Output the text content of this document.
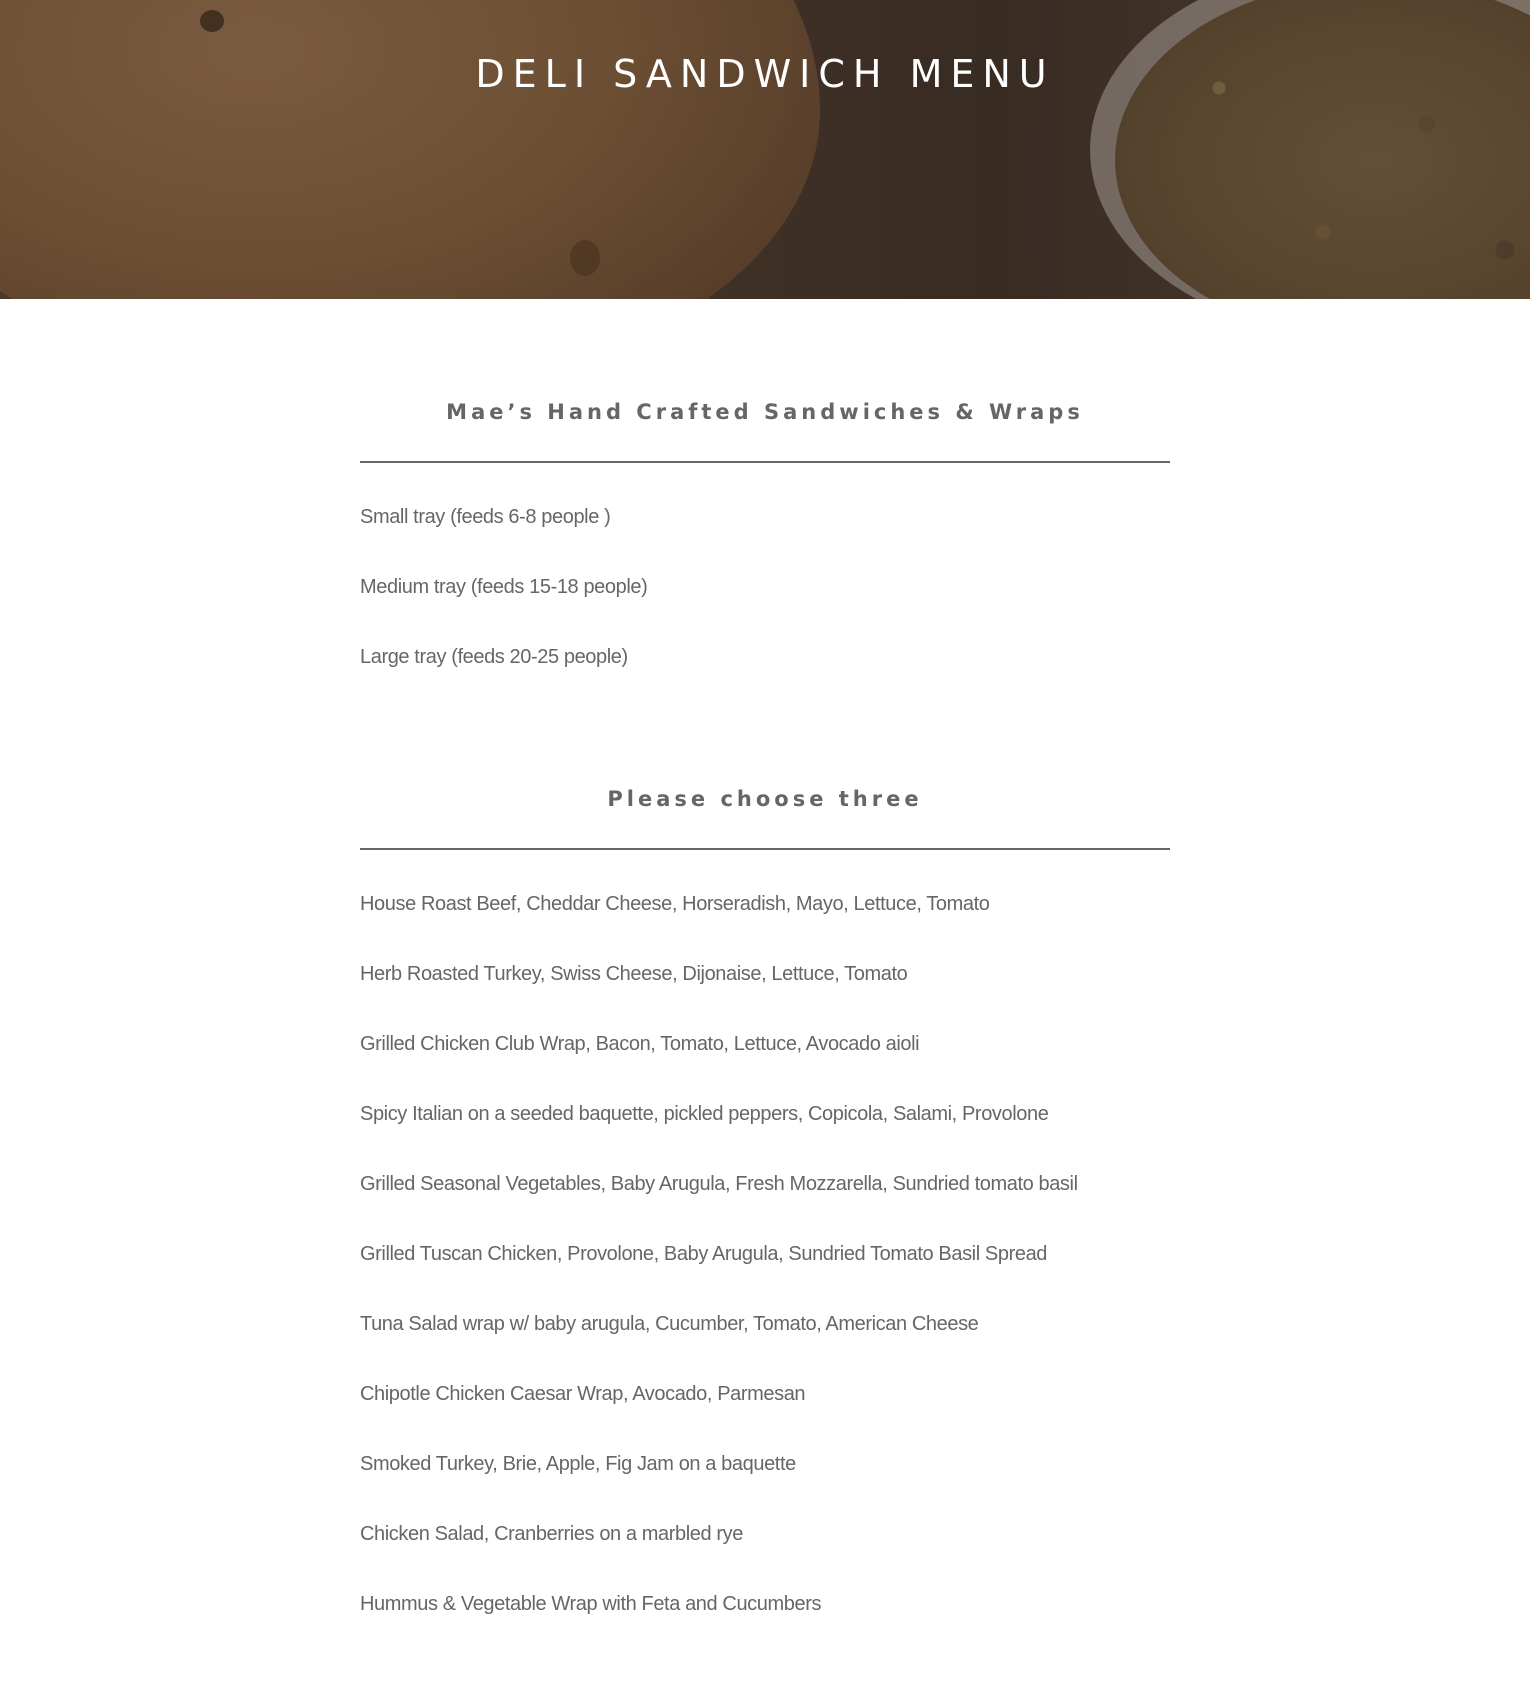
DELI SANDWICH MENU
Mae’s Hand Crafted Sandwiches & Wraps

Small tray (feeds 6-8 people )

Medium tray (feeds 15-18 people)

Large tray (feeds 20-25 people)

Please choose three

House Roast Beef, Cheddar Cheese, Horseradish, Mayo, Lettuce, Tomato

Herb Roasted Turkey, Swiss Cheese, Dijonaise, Lettuce, Tomato

Grilled Chicken Club Wrap, Bacon, Tomato, Lettuce, Avocado aioli

Spicy Italian on a seeded baquette, pickled peppers, Copicola, Salami, Provolone

Grilled Seasonal Vegetables, Baby Arugula, Fresh Mozzarella, Sundried tomato basil

Grilled Tuscan Chicken, Provolone, Baby Arugula, Sundried Tomato Basil Spread

Tuna Salad wrap w/ baby arugula, Cucumber, Tomato, American Cheese

Chipotle Chicken Caesar Wrap, Avocado, Parmesan

Smoked Turkey, Brie, Apple, Fig Jam on a baquette

Chicken Salad, Cranberries on a marbled rye

Hummus & Vegetable Wrap with Feta and Cucumbers
